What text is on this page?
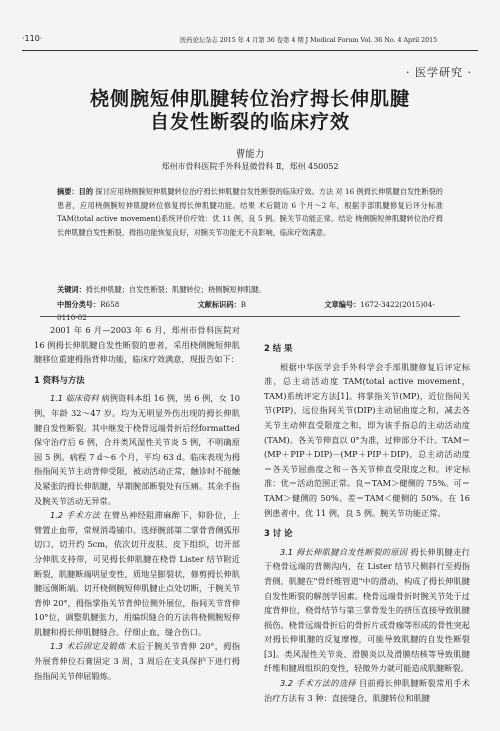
·110·	医药论坛杂志 2015 年 4 月第 36 卷第 4 期 J Medical Forum Vol. 36 No. 4 April 2015
· 医学研究 ·
桡侧腕短伸肌腱转位治疗拇长伸肌腱
自发性断裂的临床疗效
曹能力
郑州市骨科医院手外科显微骨科 Ⅱ，郑州 450052
摘要：目的 探讨应用桡侧腕短伸肌腱转位治疗拇长伸肌腱自发性断裂的临床疗效。方法 对 16 例拇长伸肌腱自发性断裂的患者，应用桡侧腕短伸肌腱转位修复拇长伸肌腱功能。结果 术后随访 6 个月～2 年，根据手部肌腱修复后评分标准 TAM(total active movement)系统评价疗效：优 11 例，良 5 例。腕关节功能正常。结论 桡侧腕短伸肌腱转位治疗拇长伸肌腱自发性断裂，拇指功能恢复良好，对腕关节功能无不良影响，临床疗效满意。
关键词：拇长伸肌腱；自发性断裂；肌腱转位；桡侧腕短伸肌腱。
中图分类号：R658	文献标识码：B	文章编号：1672-3422(2015)04-0110-02

2001 年 6 月—2003 年 6 月，郑州市骨科医院对 16 例拇长伸肌腱自发性断裂的患者，采用桡侧腕短伸肌腱移位重建拇指背伸功能，临床疗效满意，现报告如下：

1 资料与方法

1.1 临床资料 病例资料本组 16 例，男 6 例，女 10 例，年龄 32～47 岁。均为无明显外伤出现的拇长伸肌腱自发性断裂。其中继发于桡骨远端骨折后经formatted保守治疗后 6 例，合并类风湿性关节炎 5 例，不明确原因 5 例。病程 7 d～6 个月，平均 63 d。临床表现为拇指指间关节主动背伸受限，被动活动正常，触诊时不能触及紧张的拇长伸肌腱，早期腕部断裂处有压痛。其余手指及腕关节活动无异常。

1.2 手术方法 在臂丛神经阻滞麻醉下，仰卧位，上臂置止血带，常规消毒铺巾。选择腕部第二掌骨背侧弧形切口，切开约 5cm，依次切开皮肤、皮下组织，切开部分伸肌支持带，可见拇长伸肌腱在桡骨 Lister 结节附近断裂，肌腱断端明显变性，质地呈膨裂状，修剪拇长伸肌腱远侧断端。切开桡侧腕短伸肌腱止点处切断，于腕关节背伸 20°，拇指掌指关节背伸位侧外展位，指间关节背伸 10°位，调整肌腱张力，用编织缝合的方法将桡侧腕短伸肌腱和拇长伸肌腱缝合。仔细止血，缝合伤口。

1.3 术后固定及锻炼 术后于腕关节背伸 20°，拇指外展背伸位石膏固定 3 周，3 周后在支具保护下进行拇指指间关节伸屈锻炼。

2 结 果

根据中华医学会手外科学会手部肌腱修复后评定标准，总主动活动度 TAM(total active movement，TAM)系统评定方法[1]。将掌指关节(MP)，近位指间关节(PIP)，远位指间关节(DIP)主动屈曲度之和，减去各关节主动伸直受限度之和，即为该手指总的主动活动度(TAM)。各关节伸直以 0°为准，过伸部分不计。TAM＝(MP＋PIP＋DIP)－(MP＋PIP＋DIP)，总主动活动度＝各关节屈曲度之和－各关节伸直受限度之和。评定标准：优＝活动范围正常。良＝TAM＞健侧的 75%。可＝TAM＞健侧的 50%。差＝TAM＜健侧的 50%。在 16 例患者中，优 11 例，良 5 例。腕关节功能正常。

3 讨 论

3.1 拇长伸肌腱自发性断裂的原因 拇长伸肌腱走行于桡骨远端的背侧沟内，在 Lister 结节尺侧斜行至拇指背侧，肌腱在"骨纤维管道"中的滑动，构成了拇长伸肌腱自发性断裂的解剖学因素。桡骨远端骨折时腕关节处于过度背伸位，桡骨结节与第三掌骨发生的挤压直接导致肌腱损伤。桡骨远端骨折后的骨折片或骨痂等形成的骨性突起对拇长伸肌腱的反复摩擦，可能导致肌腱的自发性断裂[3]。类风湿性关节炎、滑膜炎以及滑膜结核等导致肌腱纤维和腱周组织的变性，轻微外力就可能造成肌腱断裂。

3.2 手术方法的选择 目前拇长伸肌腱断裂常用手术治疗方法有 3 种：直接缝合，肌腱转位和肌腱
